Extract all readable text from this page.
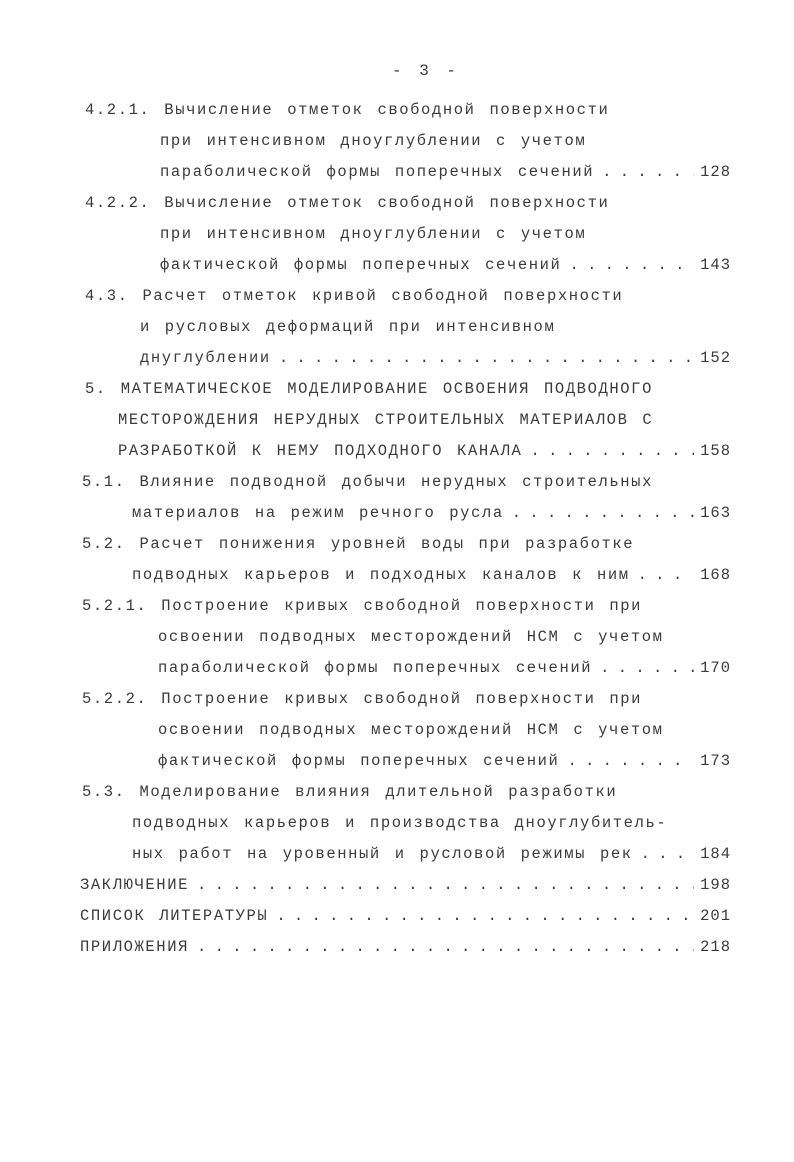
- 3 -
4.2.1. Вычисление отметок свободной поверхности
при интенсивном дноуглублении с учетом
параболической формы поперечных сечений . . .	128
4.2.2. Вычисление отметок свободной поверхности
при интенсивном дноуглублении с учетом
фактической формы поперечных сечений . . .	143
4.3. Расчет отметок кривой свободной поверхности
и русловых деформаций при интенсивном
днуглублении . . .	152
5. МАТЕМАТИЧЕСКОЕ МОДЕЛИРОВАНИЕ ОСВОЕНИЯ ПОДВОДНОГО
МЕСТОРОЖДЕНИЯ НЕРУДНЫХ СТРОИТЕЛЬНЫХ МАТЕРИАЛОВ С
РАЗРАБОТКОЙ К НЕМУ ПОДХОДНОГО КАНАЛА . . .	158
5.1. Влияние подводной добычи нерудных строительных
материалов на режим речного русла . . .	163
5.2. Расчет понижения уровней воды при разработке
подводных карьеров и подходных каналов к ним . . .	168
5.2.1. Построение кривых свободной поверхности при
освоении подводных месторождений НСМ с учетом
параболической формы поперечных сечений . . .	170
5.2.2. Построение кривых свободной поверхности при
освоении подводных месторождений НСМ с учетом
фактической формы поперечных сечений . . .	173
5.3. Моделирование влияния длительной разработки
подводных карьеров и производства дноуглубитель-
ных работ на уровенный и русловой режимы рек . . .	184
ЗАКЛЮЧЕНИЕ . . .	198
СПИСОК ЛИТЕРАТУРЫ . . .	201
ПРИЛОЖЕНИЯ . . .	218
